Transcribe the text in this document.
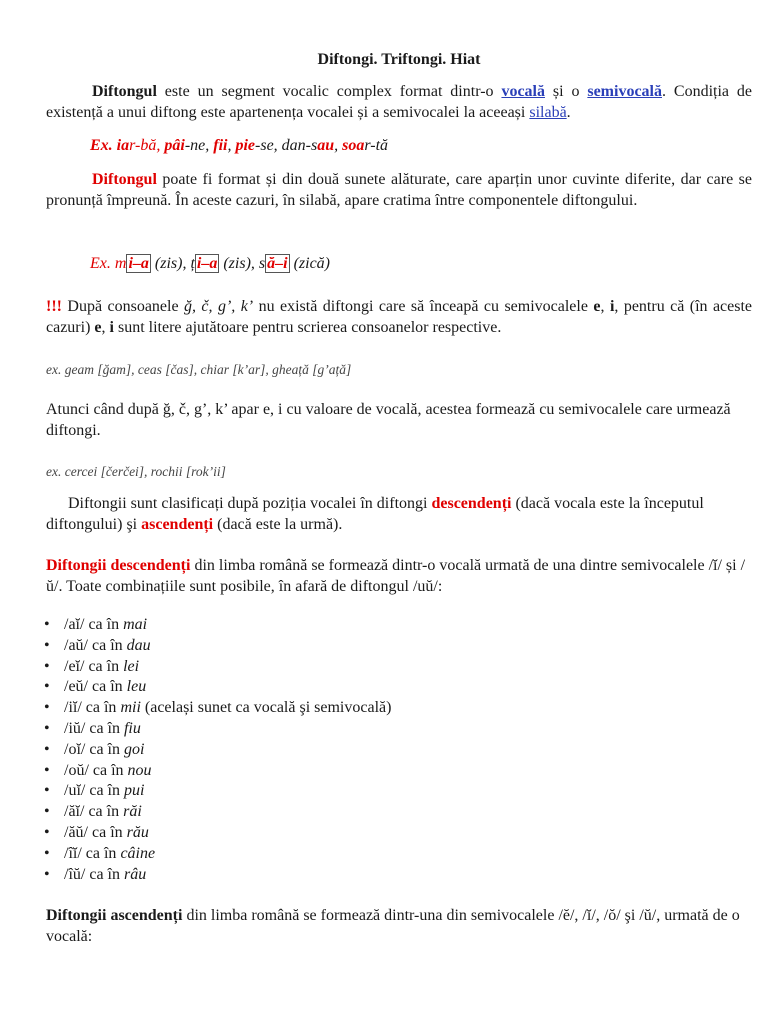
Diftongi. Triftongi. Hiat
Diftongul este un segment vocalic complex format dintr-o vocală și o semivocală. Condiția de existență a unui diftong este apartenența vocalei și a semivocalei la aceeași silabă.
Ex. iar-bă, pâi-ne, fii, pie-se, dan-sau, soar-tă
Diftongul poate fi format și din două sunete alăturate, care aparțin unor cuvinte diferite, dar care se pronunță împreună. În aceste cazuri, în silabă, apare cratima între componentele diftongului.
Ex. m i–a (zis), ț i–a (zis), s ă–i (zică)
!!! După consoanele ğ, č, g’, k’ nu există diftongi care să înceapă cu semivocalele e, i, pentru că (în aceste cazuri) e, i sunt litere ajutătoare pentru scrierea consoanelor respective.
ex. geam [ğam], ceas [čas], chiar [k’ar], gheață [g’ață]
Atunci când după ğ, č, g’, k’ apar e, i cu valoare de vocală, acestea formează cu semivocalele care urmează diftongi.
ex. cercei [čerčei], rochii [rok’ii]
Diftongii sunt clasificați după poziția vocalei în diftongi descendenți (dacă vocala este la începutul diftongului) şi ascendenți (dacă este la urmă).
Diftongii descendenți din limba română se formează dintr-o vocală urmată de una dintre semivocalele /ĭ/ și /ŭ/. Toate combinațiile sunt posibile, în afară de diftongul /uŭ/:
• /aĭ/ ca în mai
• /aŭ/ ca în dau
• /eĭ/ ca în lei
• /eŭ/ ca în leu
• /iĭ/ ca în mii (același sunet ca vocală şi semivocală)
• /iŭ/ ca în fiu
• /oĭ/ ca în goi
• /oŭ/ ca în nou
• /uĭ/ ca în pui
• /ăĭ/ ca în răi
• /ăŭ/ ca în rău
• /îĭ/ ca în câine
• /îŭ/ ca în râu
Diftongii ascendenți din limba română se formează dintr-una din semivocalele /ĕ/, /ĭ/, /ŏ/ şi /ŭ/, urmată de o vocală:
